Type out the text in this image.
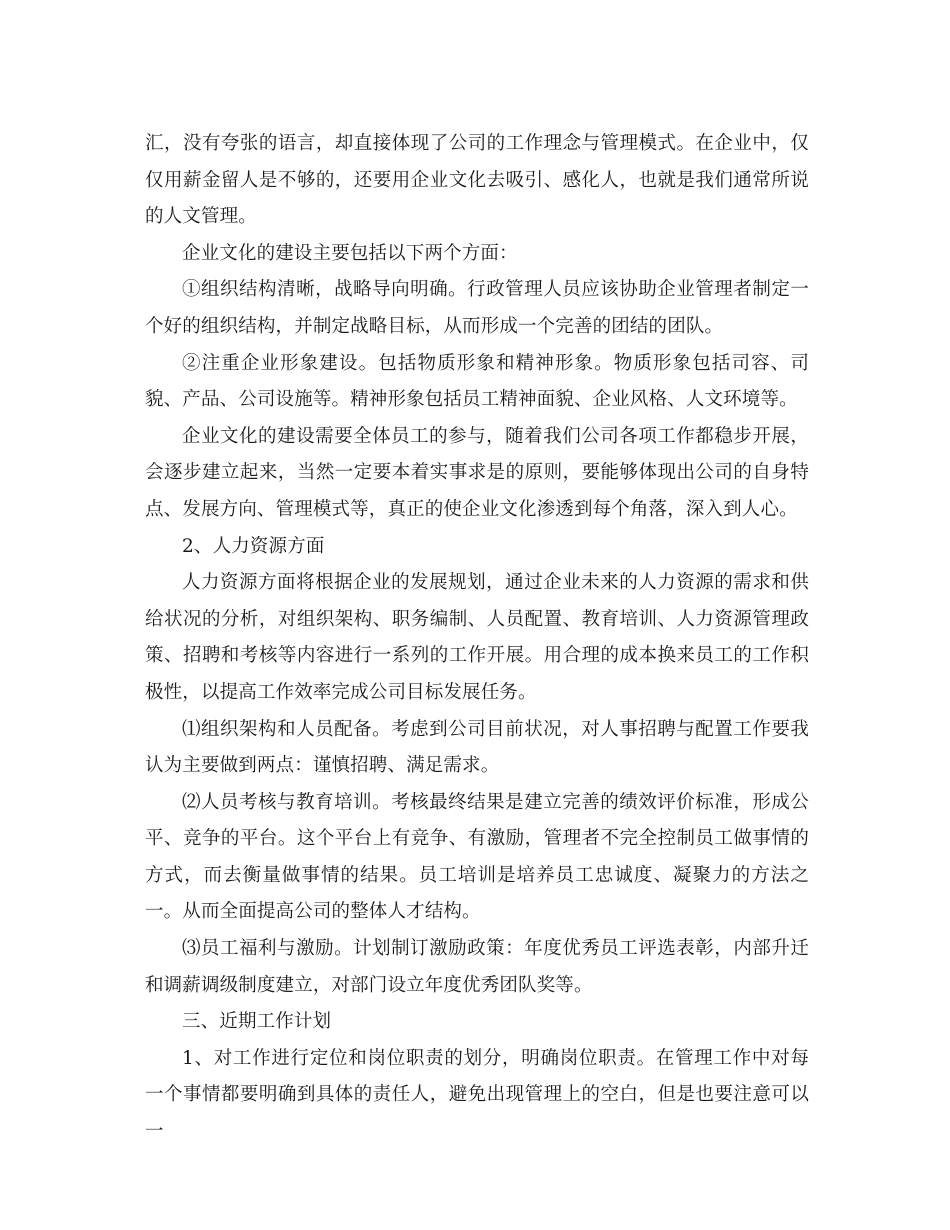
汇，没有夸张的语言，却直接体现了公司的工作理念与管理模式。在企业中，仅仅用薪金留人是不够的，还要用企业文化去吸引、感化人，也就是我们通常所说的人文管理。

企业文化的建设主要包括以下两个方面：

①组织结构清晰，战略导向明确。行政管理人员应该协助企业管理者制定一个好的组织结构，并制定战略目标，从而形成一个完善的团结的团队。

②注重企业形象建设。包括物质形象和精神形象。物质形象包括司容、司貌、产品、公司设施等。精神形象包括员工精神面貌、企业风格、人文环境等。

企业文化的建设需要全体员工的参与，随着我们公司各项工作都稳步开展，会逐步建立起来，当然一定要本着实事求是的原则，要能够体现出公司的自身特点、发展方向、管理模式等，真正的使企业文化渗透到每个角落，深入到人心。

2、人力资源方面

人力资源方面将根据企业的发展规划，通过企业未来的人力资源的需求和供给状况的分析，对组织架构、职务编制、人员配置、教育培训、人力资源管理政策、招聘和考核等内容进行一系列的工作开展。用合理的成本换来员工的工作积极性，以提高工作效率完成公司目标发展任务。

⑴组织架构和人员配备。考虑到公司目前状况，对人事招聘与配置工作要我认为主要做到两点：谨慎招聘、满足需求。

⑵人员考核与教育培训。考核最终结果是建立完善的绩效评价标准，形成公平、竞争的平台。这个平台上有竞争、有激励，管理者不完全控制员工做事情的方式，而去衡量做事情的结果。员工培训是培养员工忠诚度、凝聚力的方法之一。从而全面提高公司的整体人才结构。

⑶员工福利与激励。计划制订激励政策：年度优秀员工评选表彰，内部升迁和调薪调级制度建立，对部门设立年度优秀团队奖等。

三、近期工作计划

1、对工作进行定位和岗位职责的划分，明确岗位职责。在管理工作中对每一个事情都要明确到具体的责任人，避免出现管理上的空白，但是也要注意可以一
